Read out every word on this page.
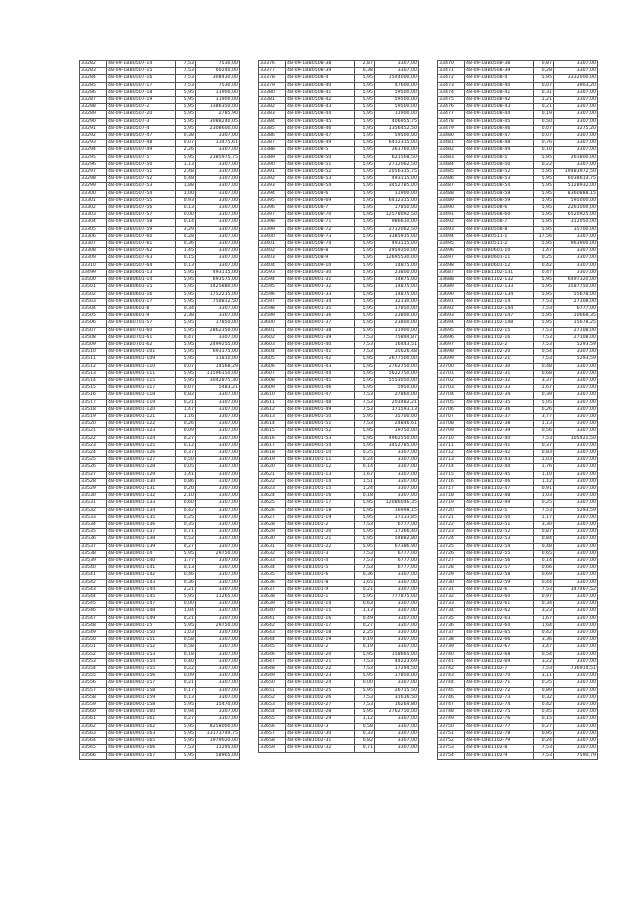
33282	48-09-1BB0507-14	7,53	7530,00
33283	48-09-1BB0507-15	7,53	60240,00
33284	48-09-1BB0507-16	7,53	308430,00
33285	48-09-1BB0507-17	7,53	7530,00
33286	48-09-1BB0507-18	5,95	11900,00
33287	48-09-1BB0507-19	5,95	11900,00
33288	48-09-1BB0507-2	5,95	1386350,00
33289	48-09-1BB0507-20	5,95	2785,90
33290	48-09-1BB0507-3	5,95	3088240,05
33291	48-09-1BB0507-4	5,95	2308600,00
33292	48-09-1BB0507-47	0,38	3307,00
33293	48-09-1BB0507-48	0,07	13475,61
33294	48-09-1BB0507-49	2,26	3307,00
33295	48-09-1BB0507-5	5,95	2385975,75
33296	48-09-1BB0507-50	1,13	3307,00
33297	48-09-1BB0507-51	2,48	3307,00
33298	48-09-1BB0507-52	0,48	3307,00
33299	48-09-1BB0507-53	1,88	3307,00
33300	48-09-1BB0507-54	1,00	3307,00
33301	48-09-1BB0507-55	0,93	3307,00
33302	48-09-1BB0507-56	0,13	3307,00
33303	48-09-1BB0507-57	0,00	3307,00
33304	48-09-1BB0507-58	0,14	3307,00
33305	48-09-1BB0507-59	3,29	3307,00
33306	48-09-1BB0507-60	0,28	3307,00
33307	48-09-1BB0507-61	0,36	3307,00
33308	48-09-1BB0507-62	1,45	3307,00
33309	48-09-1BB0507-63	0,15	3307,00
33310	48-09-1BB0507-64	0,13	3307,00
33499	48-09-1BB0601-13	5,95	493115,00
33500	48-09-1BB0601-14	5,95	693575,00
33501	48-09-1BB0601-15	5,95	1425880,00
33502	48-09-1BB0601-16	5,95	1752215,00
33503	48-09-1BB0601-17	5,95	758812,50
33504	48-09-1BB0601-8	0,34	3307,00
33505	48-09-1BB0601-9	2,38	3307,00
33506	48-09-1BB0701-57	5,95	17850,00
33507	48-09-1BB0701-60	5,95	2862350,00
33508	48-09-1BB0701-61	0,47	3307,00
33509	48-09-1BB0701-62	5,95	2499255,00
33510	48-09-1BB0901-101	5,95	693175,00
33511	48-09-1BB0901-109	5,95	11810,00
33512	48-09-1BB0901-110	0,07	14568,29
33513	48-09-1BB0901-111	5,95	11596150,00
33514	48-09-1BB0901-115	5,95	3042875,30
33515	48-09-1BB0901-117	0,07	5483,21
33516	48-09-1BB0901-118	0,82	3307,00
33517	48-09-1BB0901-119	0,21	3307,00
33518	48-09-1BB0901-120	1,47	3307,00
33519	48-09-1BB0901-121	1,16	3307,00
33520	48-09-1BB0901-122	0,26	3307,00
33521	48-09-1BB0901-123	0,09	3307,00
33522	48-09-1BB0901-124	0,27	3307,00
33523	48-09-1BB0901-125	0,12	3307,00
33524	48-09-1BB0901-126	0,37	3307,00
33525	48-09-1BB0901-127	0,50	3307,00
33526	48-09-1BB0901-128	0,05	3307,00
33527	48-09-1BB0901-129	1,41	3307,00
33528	48-09-1BB0901-130	0,86	3307,00
33529	48-09-1BB0901-131	0,20	3307,00
33530	48-09-1BB0901-132	2,10	3307,00
33531	48-09-1BB0901-133	0,60	3307,00
33532	48-09-1BB0901-134	0,42	3307,00
33533	48-09-1BB0901-135	0,25	3307,00
33534	48-09-1BB0901-136	0,35	3307,00
33535	48-09-1BB0901-137	0,71	3307,00
33536	48-09-1BB0901-138	0,52	3307,00
33537	48-09-1BB0901-139	0,27	3307,00
33538	48-09-1BB0901-14	5,95	29750,00
33539	48-09-1BB0901-140	1,77	3307,00
33540	48-09-1BB0901-141	0,13	3307,00
33541	48-09-1BB0901-142	0,46	3307,00
33542	48-09-1BB0901-143	0,36	3307,00
33543	48-09-1BB0901-144	2,21	3307,00
33544	48-09-1BB0901-145	5,95	11265,00
33545	48-09-1BB0901-147	0,00	3307,00
33546	48-09-1BB0901-148	1,04	3307,00
33547	48-09-1BB0901-149	0,21	3307,00
33548	48-09-1BB0901-15	5,95	29750,00
33549	48-09-1BB0901-150	1,03	3307,00
33550	48-09-1BB0901-151	0,58	3307,00
33551	48-09-1BB0901-152	0,58	3307,00
33552	48-09-1BB0901-153	0,18	3307,00
33553	48-09-1BB0901-154	0,40	3307,00
33554	48-09-1BB0901-155	0,22	3307,00
33555	48-09-1BB0901-156	0,09	3307,00
33556	48-09-1BB0901-157	0,21	3307,00
33557	48-09-1BB0901-158	0,17	3307,00
33558	48-09-1BB0901-159	0,13	3307,00
33559	48-09-1BB0901-158	5,95	15470,00
33560	48-09-1BB0901-160	0,94	3307,00
33561	48-09-1BB0901-161	0,27	3307,00
33562	48-09-1BB0901-162	5,95	8258000,00
33563	48-09-1BB0901-163	5,95	13173749,75
33564	48-09-1BB0901-165	5,95	1979020,00
33565	48-09-1BB0901-166	7,53	11295,00
33566	48-09-1BB0901-167	5,95	58905,00
33376	48-09-1BB0508-38	2,87	3307,00
33377	48-09-1BB0508-39	0,38	3307,00
33378	48-09-1BB0508-4	5,95	1544000,00
33379	48-09-1BB0508-40	5,95	47600,00
33380	48-09-1BB0508-41	5,95	59500,00
33381	48-09-1BB0508-42	5,95	59500,00
33382	48-09-1BB0508-43	5,95	59500,00
33383	48-09-1BB0508-44	5,95	11900,00
33384	48-09-1BB0508-45	5,95	406955,75
33385	48-09-1BB0508-46	5,95	1356452,50
33386	48-09-1BB0508-47	5,95	59500,00
33387	48-09-1BB0508-49	5,95	6412315,00
33388	48-09-1BB0508-5	5,95	361760,00
33389	48-09-1BB0508-50	5,95	621568,50
33390	48-09-1BB0508-51	5,95	2712062,50
33391	48-09-1BB0508-52	5,95	2056315,75
33392	48-09-1BB0508-53	5,95	493115,00
33393	48-09-1BB0508-54	5,95	3452785,00
33394	48-09-1BB0508-6	5,95	11900,00
33395	48-09-1BB0508-69	5,95	6412315,00
33396	48-09-1BB0508-7	5,95	17850,00
33397	48-09-1BB0508-70	5,95	12578092,50
33398	48-09-1BB0508-71	5,95	986610,00
33399	48-09-1BB0508-72	5,95	2712062,50
33400	48-09-1BB0508-73	5,95	3385935,00
33401	48-09-1BB0508-74	5,95	493115,00
33402	48-09-1BB0508-8	5,95	2959350,00
33403	48-09-1BB0508-9	5,95	12695530,00
33404	48-09-1BB0509-10	5,95	14875,00
33593	48-09-1BB0901-30	5,95	23800,00
33594	48-09-1BB0901-31	5,95	14875,00
33595	48-09-1BB0901-32	5,95	14875,00
33596	48-09-1BB0901-33	5,95	14875,00
33597	48-09-1BB0901-34	5,95	32130,00
33598	48-09-1BB0901-35	5,95	17850,00
33599	48-09-1BB0901-36	5,95	23800,00
33600	48-09-1BB0901-37	5,95	23800,00
33601	48-09-1BB0901-38	5,95	11900,00
33602	48-09-1BB0901-39	7,53	75894,87
33603	48-09-1BB0901-40	7,53	16443,51
33604	48-09-1BB0901-41	7,53	35626,48
33605	48-09-1BB0901-42	5,95	2677500,00
33606	48-09-1BB0901-43	5,95	2762750,00
33607	48-09-1BB0901-44	5,95	5622750,00
33608	48-09-1BB0901-45	5,95	5553050,00
33609	48-09-1BB0901-46	5,95	5950,00
33610	48-09-1BB0901-47	7,53	27860,00
33611	48-09-1BB0901-48	7,53	203482,21
33612	48-09-1BB0901-49	7,53	171593,13
33613	48-09-1BB0901-50	5,95	35700,00
33614	48-09-1BB0901-51	7,53	24846,61
33615	48-09-1BB0901-52	5,95	19750,00
33616	48-09-1BB0901-53	5,95	4962550,00
33617	48-09-1BB0901-54	5,95	3452785,00
33618	48-09-1BB1001-10	0,25	3307,00
33619	48-09-1BB1001-11	0,24	3307,00
33620	48-09-1BB1001-12	0,14	3307,00
33621	48-09-1BB1001-13	1,67	3307,00
33622	48-09-1BB1001-14	1,51	3307,00
33623	48-09-1BB1001-15	1,24	3307,00
33624	48-09-1BB1001-16	0,18	3307,00
33625	48-09-1BB1001-17	5,95	12086046,35
33626	48-09-1BB1001-18	5,95	16998,15
33627	48-09-1BB1001-19	5,95	17133,85
33628	48-09-1BB1001-2	7,53	6777,00
33629	48-09-1BB1001-20	5,95	17366,40
33630	48-09-1BB1001-21	5,95	54882,80
33631	48-09-1BB1001-22	5,95	67386,90
33632	48-09-1BB1001-3	7,53	6777,00
33633	48-09-1BB1001-4	7,53	6777,00
33634	48-09-1BB1001-5	7,53	6777,00
33635	48-09-1BB1001-6	0,36	3307,00
33636	48-09-1BB1001-8	1,65	3307,00
33637	48-09-1BB1001-9	0,21	3307,00
33638	48-09-1BB1002-1	5,95	777875,00
33639	48-09-1BB1002-14	0,63	3307,00
33640	48-09-1BB1002-15	1,13	3307,00
33641	48-09-1BB1002-16	0,49	3307,00
33642	48-09-1BB1002-17	0,27	3307,00
33643	48-09-1BB1002-18	2,25	3307,00
33644	48-09-1BB1002-19	0,19	3307,00
33645	48-09-1BB1002-2	0,19	3307,00
33646	48-09-1BB1002-20	5,95	158665,00
33647	48-09-1BB1002-21	7,53	44223,69
33648	48-09-1BB1002-22	7,53	17294,50
33649	48-09-1BB1002-23	5,95	17850,00
33650	48-09-1BB1002-24	0,00	3307,00
33651	48-09-1BB1002-25	5,95	26715,50
33652	48-09-1BB1002-26	7,53	31616,50
33653	48-09-1BB1002-27	7,53	16264,80
33654	48-09-1BB1002-28	5,95	2762750,00
33655	48-09-1BB1002-29	1,12	3307,00
33656	48-09-1BB1002-3	0,58	3307,00
33657	48-09-1BB1002-30	0,33	3307,00
33658	48-09-1BB1002-31	0,82	3307,00
33659	48-09-1BB1002-32	0,71	3307,00
33470	48-09-1BB0508-38	0,87	3307,00
33471	48-09-1BB0508-39	0,28	3307,00
33472	48-09-1BB0508-4	5,95	3332000,00
33473	48-09-1BB0508-40	0,07	3903,20
33474	48-09-1BB0508-41	0,31	3307,00
33475	48-09-1BB0508-42	1,21	3307,00
33476	48-09-1BB0508-43	0,21	3307,00
33477	48-09-1BB0508-44	0,19	3307,00
33478	48-09-1BB0508-45	0,50	3307,00
33479	48-09-1BB0508-46	0,07	3275,20
33480	48-09-1BB0508-47	0,07	3307,00
33481	48-09-1BB0508-48	0,76	3307,00
33482	48-09-1BB0508-49	0,10	3307,00
33483	48-09-1BB0508-5	5,95	261800,00
33484	48-09-1BB0508-50	0,22	3307,00
33485	48-09-1BB0508-52	5,95	19483972,50
33486	48-09-1BB0508-53	5,95	6038613,75
33487	48-09-1BB0508-54	5,95	5128932,00
33488	48-09-1BB0508-58	5,95	8360888,15
33489	48-09-1BB0508-59	5,95	595000,00
33490	48-09-1BB0508-6	5,95	2261000,00
33491	48-09-1BB0508-60	5,95	6520925,00
33492	48-09-1BB0508-7	5,95	312050,00
33493	48-09-1BB0508-8	5,95	35700,00
33494	48-09-1BB0511-1	17,56	3307,00
33495	48-09-1BB0511-2	5,95	963900,00
33496	48-09-1BB0601-10	1,47	3307,00
33497	48-09-1BB0601-11	0,25	3307,00
33498	48-09-1BB0601-12	0,42	3307,00
33687	48-09-1BB1102-131	0,47	3307,00
33688	48-09-1BB1102-132	5,95	6497320,00
33689	48-09-1BB1102-133	5,95	3587750,00
33690	48-09-1BB1102-134	5,95	55678,00
33691	48-09-1BB1102-14	7,53	27108,00
33692	48-09-1BB1102-144	7,53	6777,00
33693	48-09-1BB1102-147	5,95	10668,35
33694	48-09-1BB1102-148	5,95	15678,25
33695	48-09-1BB1102-15	7,53	27108,00
33696	48-09-1BB1102-16	7,53	27108,00
33697	48-09-1BB1102-2	7,53	5293,59
33698	48-09-1BB1102-20	0,54	3307,00
33699	48-09-1BB1102-21	7,53	5293,59
33700	48-09-1BB1102-30	0,48	3307,00
33701	48-09-1BB1102-31	0,68	3307,00
33702	48-09-1BB1102-32	3,37	3307,00
33703	48-09-1BB1102-33	1,67	3307,00
33704	48-09-1BB1102-34	0,39	3307,00
33705	48-09-1BB1102-35	5,05	3307,00
33706	48-09-1BB1102-36	0,26	3307,00
33707	48-09-1BB1102-37	3,77	3307,00
33708	48-09-1BB1102-38	1,13	3307,00
33709	48-09-1BB1102-39	0,56	3307,00
33710	48-09-1BB1102-40	7,53	105421,50
33711	48-09-1BB1102-41	0,37	3307,00
33712	48-09-1BB1102-42	0,83	3307,00
33713	48-09-1BB1102-43	1,03	3307,00
33714	48-09-1BB1102-44	1,76	3307,00
33715	48-09-1BB1102-45	1,10	3307,00
33716	48-09-1BB1102-46	1,12	3307,00
33717	48-09-1BB1102-47	0,91	3307,00
33718	48-09-1BB1102-48	1,03	3307,00
33719	48-09-1BB1102-49	0,25	3307,00
33720	48-09-1BB1102-5	7,53	5293,59
33721	48-09-1BB1102-50	1,17	3307,00
33722	48-09-1BB1102-51	3,30	3307,00
33723	48-09-1BB1102-52	0,87	3307,00
33724	48-09-1BB1102-53	0,84	3307,00
33725	48-09-1BB1102-54	0,48	3307,00
33726	48-09-1BB1102-55	0,65	3307,00
33727	48-09-1BB1102-56	0,14	3307,00
33728	48-09-1BB1102-57	0,66	3307,00
33729	48-09-1BB1102-58	0,69	3307,00
33730	48-09-1BB1102-59	0,44	3307,00
33731	48-09-1BB1102-6	7,53	347467,52
33732	48-09-1BB1102-60	0,97	3307,00
33733	48-09-1BB1102-61	0,34	3307,00
33734	48-09-1BB1102-62	3,23	3307,00
33735	48-09-1BB1102-63	1,67	3307,00
33736	48-09-1BB1102-64	1,64	3307,00
33737	48-09-1BB1102-65	0,42	3307,00
33738	48-09-1BB1102-66	3,36	3307,00
33739	48-09-1BB1102-67	3,47	3307,00
33740	48-09-1BB1102-68	0,54	3307,00
33741	48-09-1BB1102-69	3,22	3307,00
33742	48-09-1BB1102-7	7,53	736914,51
33743	48-09-1BB1102-70	3,11	3307,00
33744	48-09-1BB1102-71	0,25	3307,00
33745	48-09-1BB1102-72	0,89	3307,00
33746	48-09-1BB1102-73	0,32	3307,00
33747	48-09-1BB1102-74	0,42	3307,00
33748	48-09-1BB1102-75	0,45	3307,00
33749	48-09-1BB1102-76	0,15	3307,00
33750	48-09-1BB1102-77	0,27	3307,00
33751	48-09-1BB1102-78	0,95	3307,00
33752	48-09-1BB1102-79	0,24	3307,00
33753	48-09-1BB1102-8	7,53	3307,00
33754	48-09-1BB1102-9	7,53	7590,79
